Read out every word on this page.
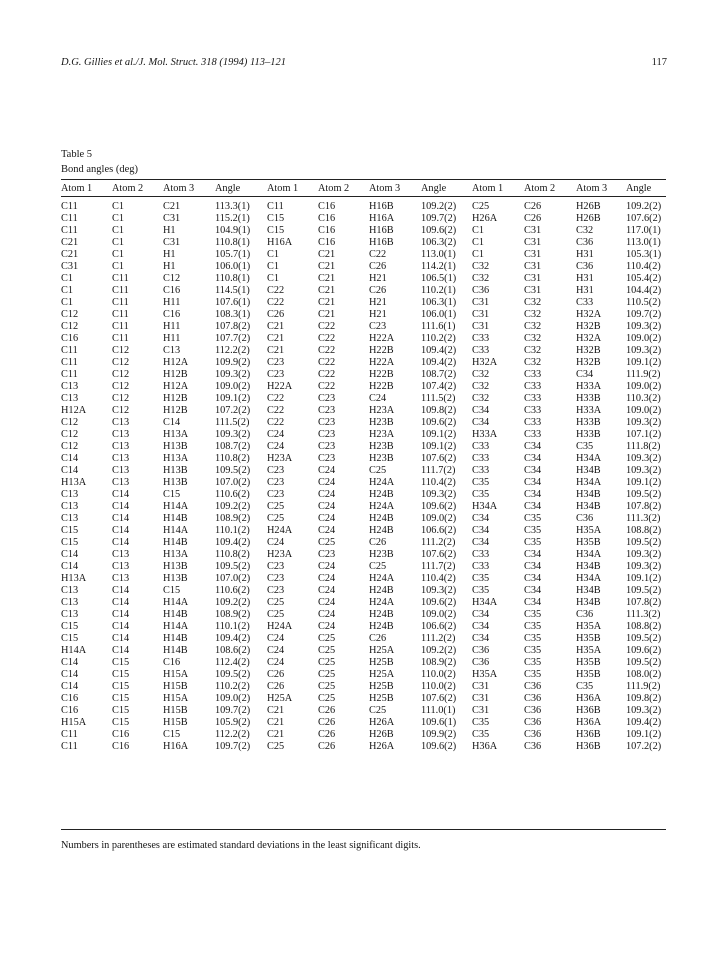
D.G. Gillies et al./J. Mol. Struct. 318 (1994) 113–121	117
Table 5
Bond angles (deg)
Atom 1	Atom 2	Atom 3	Angle	Atom 1	Atom 2	Atom 3	Angle	Atom 1	Atom 2	Atom 3	Angle
C11	C1	C21	113.3(1)	C11	C16	H16B	109.2(2)	C25	C26	H26B	109.2(2)
C11	C1	C31	115.2(1)	C15	C16	H16A	109.7(2)	H26A	C26	H26B	107.6(2)
C11	C1	H1	104.9(1)	C15	C16	H16B	109.6(2)	C1	C31	C32	117.0(1)
C21	C1	C31	110.8(1)	H16A	C16	H16B	106.3(2)	C1	C31	C36	113.0(1)
C21	C1	H1	105.7(1)	C1	C21	C22	113.0(1)	C1	C31	H31	105.3(1)
C31	C1	H1	106.0(1)	C1	C21	C26	114.2(1)	C32	C31	C36	110.4(2)
C1	C11	C12	110.8(1)	C1	C21	H21	106.5(1)	C32	C31	H31	105.4(2)
C1	C11	C16	114.5(1)	C22	C21	C26	110.2(1)	C36	C31	H31	104.4(2)
C1	C11	H11	107.6(1)	C22	C21	H21	106.3(1)	C31	C32	C33	110.5(2)
C12	C11	C16	108.3(1)	C26	C21	H21	106.0(1)	C31	C32	H32A	109.7(2)
C12	C11	H11	107.8(2)	C21	C22	C23	111.6(1)	C31	C32	H32B	109.3(2)
C16	C11	H11	107.7(2)	C21	C22	H22A	110.2(2)	C33	C32	H32A	109.0(2)
C11	C12	C13	112.2(2)	C21	C22	H22B	109.4(2)	C33	C32	H32B	109.3(2)
C11	C12	H12A	109.9(2)	C23	C22	H22A	109.4(2)	H32A	C32	H32B	109.1(2)
C11	C12	H12B	109.3(2)	C23	C22	H22B	108.7(2)	C32	C33	C34	111.9(2)
C13	C12	H12A	109.0(2)	H22A	C22	H22B	107.4(2)	C32	C33	H33A	109.0(2)
C13	C12	H12B	109.1(2)	C22	C23	C24	111.5(2)	C32	C33	H33B	110.3(2)
H12A	C12	H12B	107.2(2)	C22	C23	H23A	109.8(2)	C34	C33	H33A	109.0(2)
C12	C13	C14	111.5(2)	C22	C23	H23B	109.6(2)	C34	C33	H33B	109.3(2)
C12	C13	H13A	109.3(2)	C24	C23	H23A	109.1(2)	H33A	C33	H33B	107.1(2)
C12	C13	H13B	108.7(2)	C24	C23	H23B	109.1(2)	C33	C34	C35	111.8(2)
C14	C13	H13A	110.8(2)	H23A	C23	H23B	107.6(2)	C33	C34	H34A	109.3(2)
C14	C13	H13B	109.5(2)	C23	C24	C25	111.7(2)	C33	C34	H34B	109.3(2)
H13A	C13	H13B	107.0(2)	C23	C24	H24A	110.4(2)	C35	C34	H34A	109.1(2)
C13	C14	C15	110.6(2)	C23	C24	H24B	109.3(2)	C35	C34	H34B	109.5(2)
C13	C14	H14A	109.2(2)	C25	C24	H24A	109.6(2)	H34A	C34	H34B	107.8(2)
C13	C14	H14B	108.9(2)	C25	C24	H24B	109.0(2)	C34	C35	C36	111.3(2)
C15	C14	H14A	110.1(2)	H24A	C24	H24B	106.6(2)	C34	C35	H35A	108.8(2)
C15	C14	H14B	109.4(2)	C24	C25	C26	111.2(2)	C34	C35	H35B	109.5(2)
C14	C13	H13A	110.8(2)	H23A	C23	H23B	107.6(2)	C33	C34	H34A	109.3(2)
C14	C13	H13B	109.5(2)	C23	C24	C25	111.7(2)	C33	C34	H34B	109.3(2)
H13A	C13	H13B	107.0(2)	C23	C24	H24A	110.4(2)	C35	C34	H34A	109.1(2)
C13	C14	C15	110.6(2)	C23	C24	H24B	109.3(2)	C35	C34	H34B	109.5(2)
C13	C14	H14A	109.2(2)	C25	C24	H24A	109.6(2)	H34A	C34	H34B	107.8(2)
C13	C14	H14B	108.9(2)	C25	C24	H24B	109.0(2)	C34	C35	C36	111.3(2)
C15	C14	H14A	110.1(2)	H24A	C24	H24B	106.6(2)	C34	C35	H35A	108.8(2)
C15	C14	H14B	109.4(2)	C24	C25	C26	111.2(2)	C34	C35	H35B	109.5(2)
H14A	C14	H14B	108.6(2)	C24	C25	H25A	109.2(2)	C36	C35	H35A	109.6(2)
C14	C15	C16	112.4(2)	C24	C25	H25B	108.9(2)	C36	C35	H35B	109.5(2)
C14	C15	H15A	109.5(2)	C26	C25	H25A	110.0(2)	H35A	C35	H35B	108.0(2)
C14	C15	H15B	110.2(2)	C26	C25	H25B	110.0(2)	C31	C36	C35	111.9(2)
C16	C15	H15A	109.0(2)	H25A	C25	H25B	107.6(2)	C31	C36	H36A	109.8(2)
C16	C15	H15B	109.7(2)	C21	C26	C25	111.0(1)	C31	C36	H36B	109.3(2)
H15A	C15	H15B	105.9(2)	C21	C26	H26A	109.6(1)	C35	C36	H36A	109.4(2)
C11	C16	C15	112.2(2)	C21	C26	H26B	109.9(2)	C35	C36	H36B	109.1(2)
C11	C16	H16A	109.7(2)	C25	C26	H26A	109.6(2)	H36A	C36	H36B	107.2(2)
Numbers in parentheses are estimated standard deviations in the least significant digits.
